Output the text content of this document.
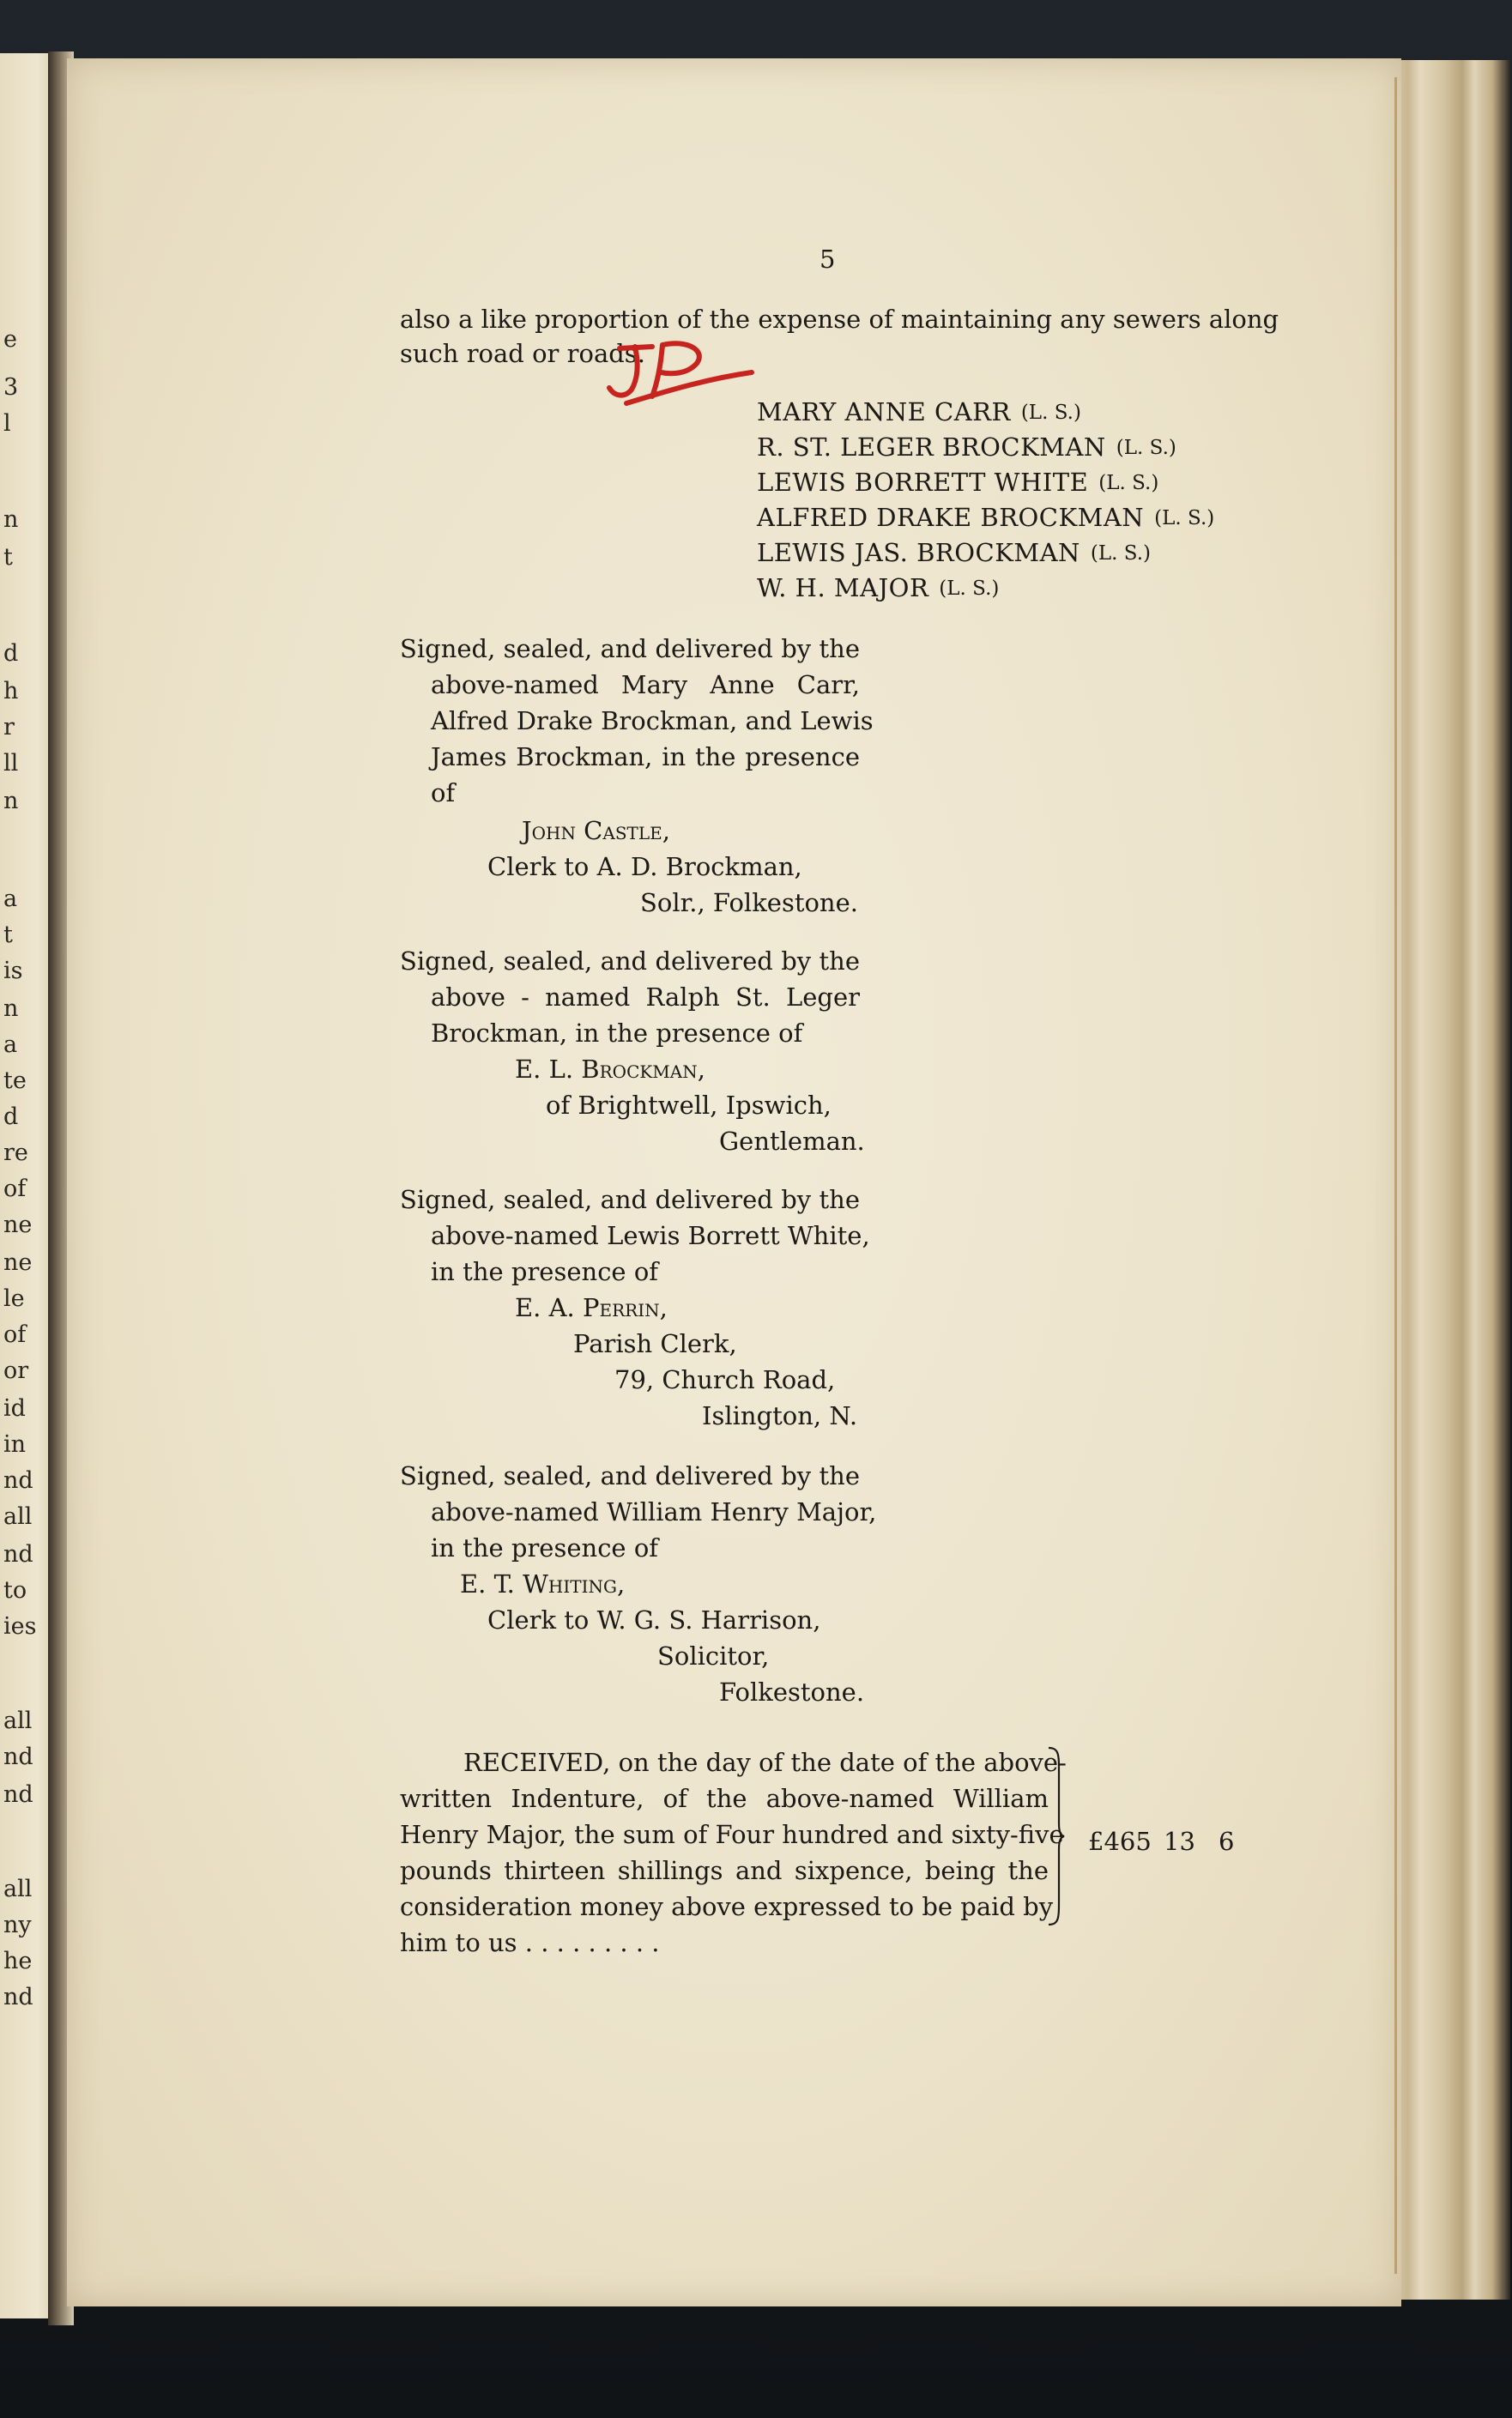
e
3
l
n
t
d
h
r
ll
n
a
t
is
n
a
te
d
re
of
ne
ne
le
of
or
id
in
nd
all
nd
to
ies
all
nd
nd
all
ny
he
nd
5
also a like proportion of the expense of maintaining any sewers along
such road or roads.
MARY ANNE CARR (L. S.)
R. ST. LEGER BROCKMAN (L. S.)
LEWIS BORRETT WHITE (L. S.)
ALFRED DRAKE BROCKMAN (L. S.)
LEWIS JAS. BROCKMAN (L. S.)
W. H. MAJOR (L. S.)
Signed, sealed, and delivered by the
above-named Mary Anne Carr,
Alfred Drake Brockman, and Lewis
James Brockman, in the presence
of
John Castle,
Clerk to A. D. Brockman,
Solr., Folkestone.
Signed, sealed, and delivered by the
above - named Ralph St. Leger
Brockman, in the presence of
E. L. Brockman,
of Brightwell, Ipswich,
Gentleman.
Signed, sealed, and delivered by the
above-named Lewis Borrett White,
in the presence of
E. A. Perrin,
Parish Clerk,
79, Church Road,
Islington, N.
Signed, sealed, and delivered by the
above-named William Henry Major,
in the presence of
E. T. Whiting,
Clerk to W. G. S. Harrison,
Solicitor,
Folkestone.
RECEIVED, on the day of the date of the above-
written Indenture, of the above-named William
Henry Major, the sum of Four hundred and sixty-five
pounds thirteen shillings and sixpence, being the
consideration money above expressed to be paid by
him to us . . . . . . . . .
£465 13 6
